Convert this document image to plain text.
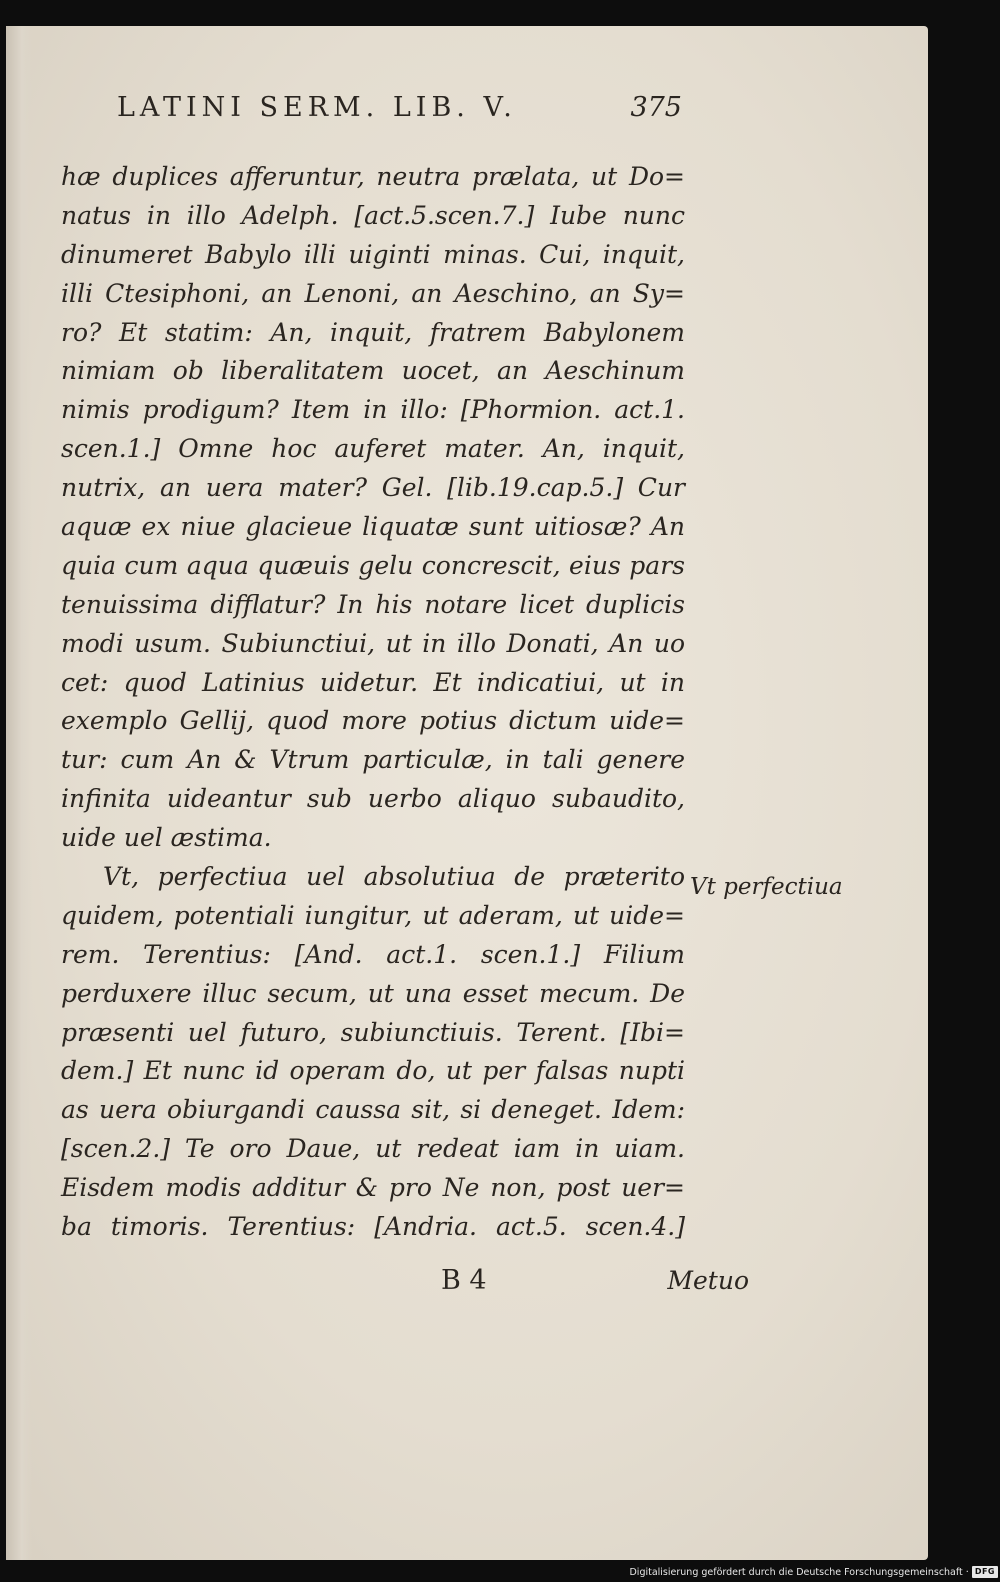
LATINI SERM. LIB. V.	375
hæ duplices afferuntur, neutra prælata, ut Do=
natus in illo Adelph. [act.5.scen.7.] Iube nunc
dinumeret Babylo illi uiginti minas. Cui, inquit,
illi Ctesiphoni, an Lenoni, an Aeschino, an Sy=
ro? Et statim: An, inquit, fratrem Babylonem
nimiam ob liberalitatem uocet, an Aeschinum
nimis prodigum? Item in illo: [Phormion. act.1.
scen.1.] Omne hoc auferet mater. An, inquit,
nutrix, an uera mater? Gel. [lib.19.cap.5.] Cur
aquæ ex niue glacieue liquatæ sunt uitiosæ? An
quia cum aqua quæuis gelu concrescit, eius pars
tenuissima difflatur? In his notare licet duplicis
modi usum. Subiunctiui, ut in illo Donati, An uo
cet: quod Latinius uidetur. Et indicatiui, ut in
exemplo Gellij, quod more potius dictum uide=
tur: cum An & Vtrum particulæ, in tali genere
infinita uideantur sub uerbo aliquo subaudito,
uide uel æstima.
Vt, perfectiua uel absolutiua de præterito
quidem, potentiali iungitur, ut aderam, ut uide=
rem. Terentius: [And. act.1. scen.1.] Filium
perduxere illuc secum, ut una esset mecum. De
præsenti uel futuro, subiunctiuis. Terent. [Ibi=
dem.] Et nunc id operam do, ut per falsas nupti
as uera obiurgandi caussa sit, si deneget. Idem:
[scen.2.] Te oro Daue, ut redeat iam in uiam.
Eisdem modis additur & pro Ne non, post uer=
ba timoris. Terentius: [Andria. act.5. scen.4.]
Vt perfectiua
B 4	Metuo
Digitalisierung gefördert durch die Deutsche Forschungsgemeinschaft · DFG
